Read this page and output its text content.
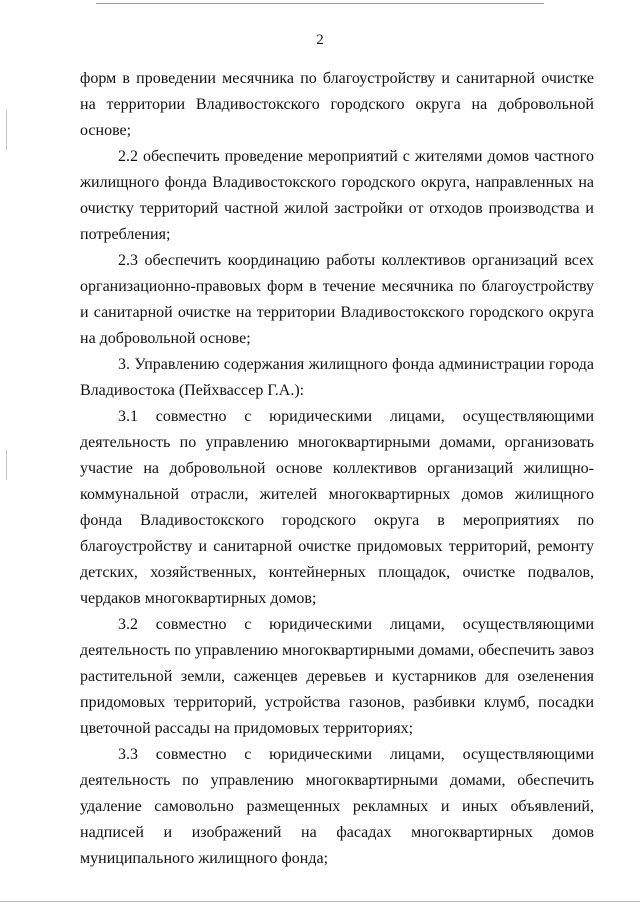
2

форм в проведении месячника по благоустройству и санитарной очистке на территории Владивостокского городского округа на добровольной основе;

2.2 обеспечить проведение мероприятий с жителями домов частного жилищного фонда Владивостокского городского округа, направленных на очистку территорий частной жилой застройки от отходов производства и потребления;

2.3 обеспечить координацию работы коллективов организаций всех организационно-правовых форм в течение месячника по благоустройству и санитарной очистке на территории Владивостокского городского округа на добровольной основе;

3. Управлению содержания жилищного фонда администрации города Владивостока (Пейхвассер Г.А.):

3.1 совместно с юридическими лицами, осуществляющими деятельность по управлению многоквартирными домами, организовать участие на добровольной основе коллективов организаций жилищно-коммунальной отрасли, жителей многоквартирных домов жилищного фонда Владивостокского городского округа в мероприятиях по благоустройству и санитарной очистке придомовых территорий, ремонту детских, хозяйственных, контейнерных площадок, очистке подвалов, чердаков многоквартирных домов;

3.2 совместно с юридическими лицами, осуществляющими деятельность по управлению многоквартирными домами, обеспечить завоз растительной земли, саженцев деревьев и кустарников для озеленения придомовых территорий, устройства газонов, разбивки клумб, посадки цветочной рассады на придомовых территориях;

3.3 совместно с юридическими лицами, осуществляющими деятельность по управлению многоквартирными домами, обеспечить удаление самовольно размещенных рекламных и иных объявлений, надписей и изображений на фасадах многоквартирных домов муниципального жилищного фонда;
